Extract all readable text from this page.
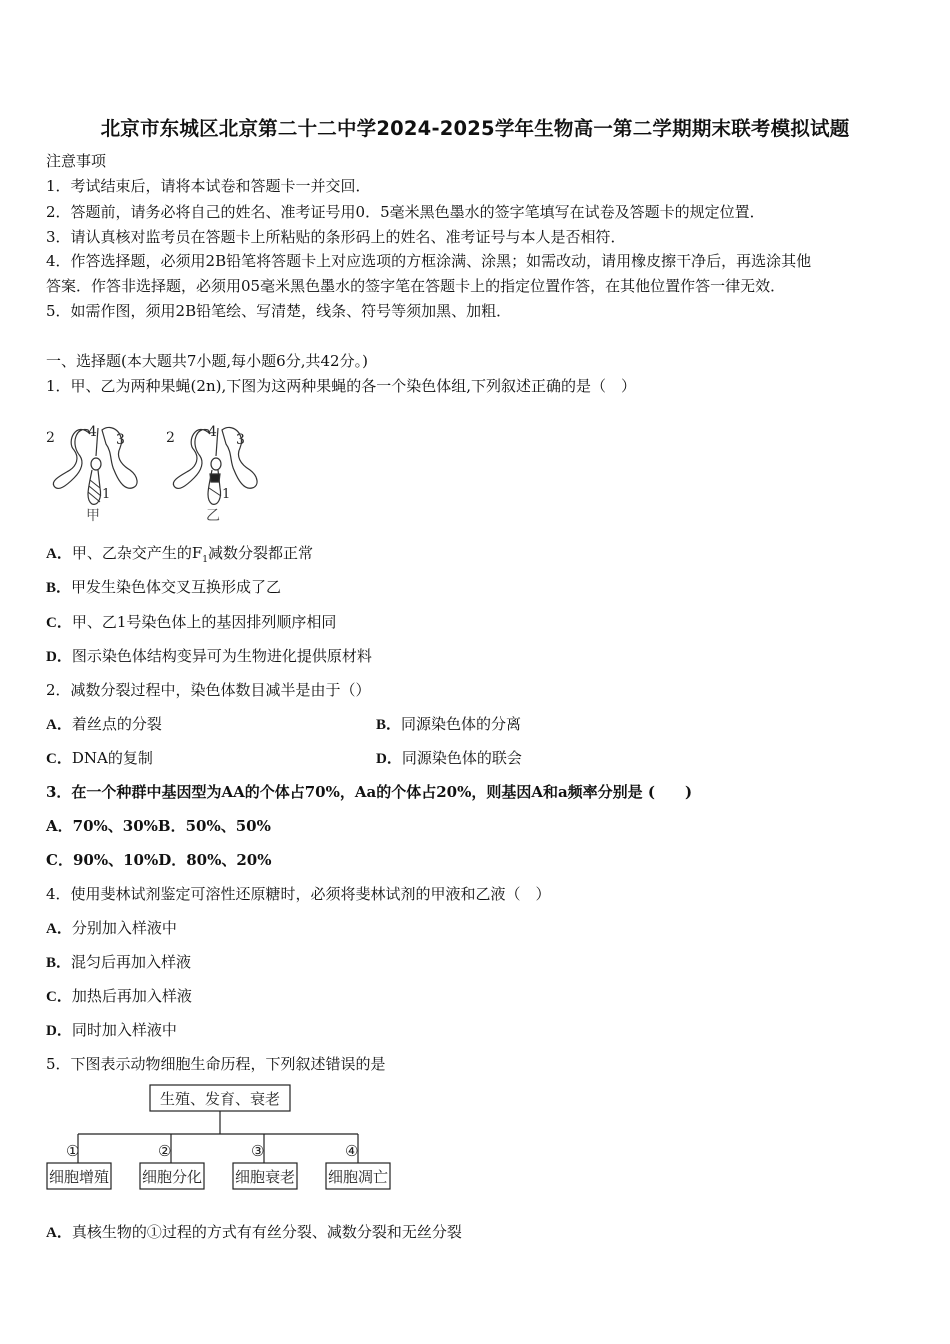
北京市东城区北京第二十二中学2024-2025学年生物高一第二学期期末联考模拟试题
注意事项
1．考试结束后，请将本试卷和答题卡一并交回．
2．答题前，请务必将自己的姓名、准考证号用0．5毫米黑色墨水的签字笔填写在试卷及答题卡的规定位置．
3．请认真核对监考员在答题卡上所粘贴的条形码上的姓名、准考证号与本人是否相符．
4．作答选择题，必须用2B铅笔将答题卡上对应选项的方框涂满、涂黑；如需改动，请用橡皮擦干净后，再选涂其他
答案．作答非选择题，必须用05毫米黑色墨水的签字笔在答题卡上的指定位置作答，在其他位置作答一律无效．
5．如需作图，须用2B铅笔绘、写清楚，线条、符号等须加黑、加粗．
一、选择题(本大题共7小题,每小题6分,共42分。)
1．甲、乙为两种果蝇(2n),下图为这两种果蝇的各一个染色体组,下列叙述正确的是（　）
2 4 3
1
甲
2 4 3
1
乙
A．甲、乙杂交产生的$F_1$减数分裂都正常
B．甲发生染色体交叉互换形成了乙
C．甲、乙1号染色体上的基因排列顺序相同
D．图示染色体结构变异可为生物进化提供原材料
2．减数分裂过程中，染色体数目减半是由于（）
A．着丝点的分裂	B．同源染色体的分离
C．DNA的复制	D．同源染色体的联会
3．在一个种群中基因型为AA的个体占70%，Aa的个体占20%，则基因A和a频率分别是 (　　)
A．70%、30%B．50%、50%
C．90%、10%D．80%、20%
4．使用斐林试剂鉴定可溶性还原糖时，必须将斐林试剂的甲液和乙液（　）
A．分别加入样液中
B．混匀后再加入样液
C．加热后再加入样液
D．同时加入样液中
5．下图表示动物细胞生命历程，下列叙述错误的是
生殖、发育、衰老
①	②	③	④
细胞增殖 细胞分化 细胞衰老 细胞凋亡
A．真核生物的①过程的方式有有丝分裂、减数分裂和无丝分裂
